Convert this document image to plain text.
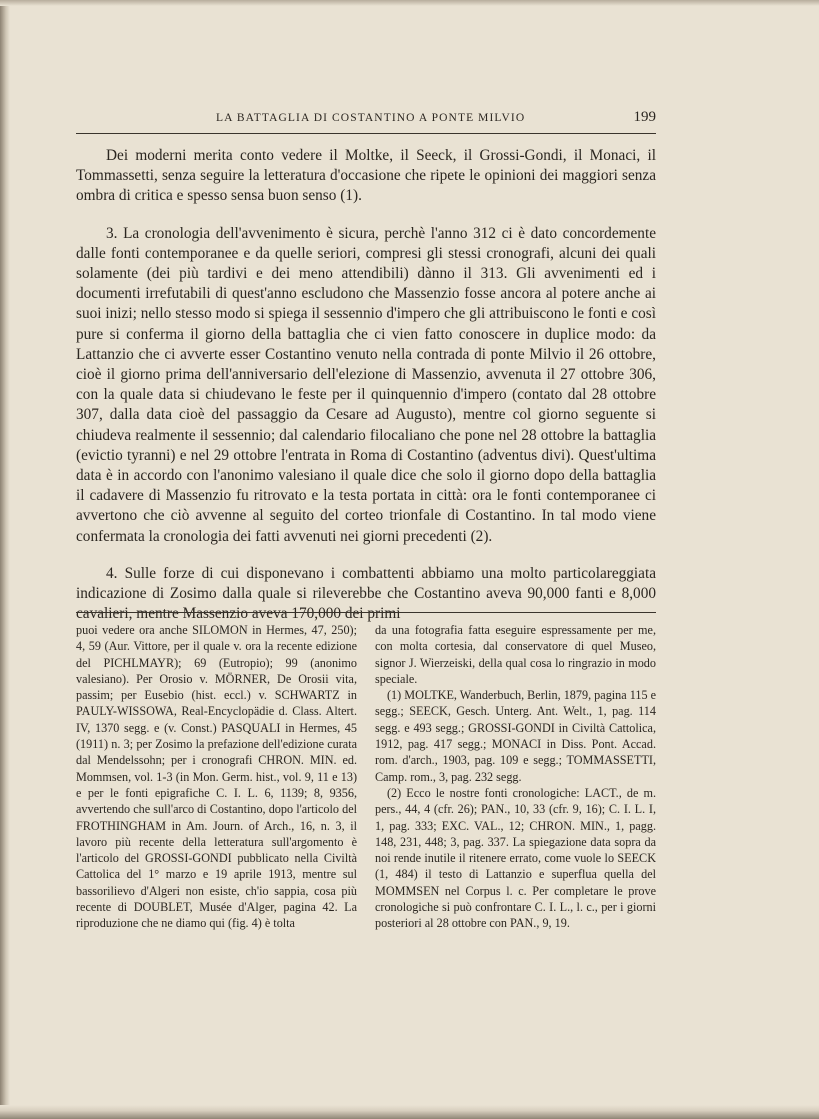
LA BATTAGLIA DI COSTANTINO A PONTE MILVIO	199

Dei moderni merita conto vedere il Moltke, il Seeck, il Grossi-Gondi, il Monaci, il Tommassetti, senza seguire la letteratura d'occasione che ripete le opinioni dei maggiori senza ombra di critica e spesso sensa buon senso (1).

3. La cronologia dell'avvenimento è sicura, perchè l'anno 312 ci è dato concordemente dalle fonti contemporanee e da quelle seriori, compresi gli stessi cronografi, alcuni dei quali solamente (dei più tardivi e dei meno attendibili) dànno il 313. Gli avvenimenti ed i documenti irrefutabili di quest'anno escludono che Massenzio fosse ancora al potere anche ai suoi inizi; nello stesso modo si spiega il sessennio d'impero che gli attribuiscono le fonti e così pure si conferma il giorno della battaglia che ci vien fatto conoscere in duplice modo: da Lattanzio che ci avverte esser Costantino venuto nella contrada di ponte Milvio il 26 ottobre, cioè il giorno prima dell'anniversario dell'elezione di Massenzio, avvenuta il 27 ottobre 306, con la quale data si chiudevano le feste per il quinquennio d'impero (contato dal 28 ottobre 307, dalla data cioè del passaggio da Cesare ad Augusto), mentre col giorno seguente si chiudeva realmente il sessennio; dal calendario filocaliano che pone nel 28 ottobre la battaglia (evictio tyranni) e nel 29 ottobre l'entrata in Roma di Costantino (adventus divi). Quest'ultima data è in accordo con l'anonimo valesiano il quale dice che solo il giorno dopo della battaglia il cadavere di Massenzio fu ritrovato e la testa portata in città: ora le fonti contemporanee ci avvertono che ciò avvenne al seguito del corteo trionfale di Costantino. In tal modo viene confermata la cronologia dei fatti avvenuti nei giorni precedenti (2).

4. Sulle forze di cui disponevano i combattenti abbiamo una molto particolareggiata indicazione di Zosimo dalla quale si rileverebbe che Costantino aveva 90,000 fanti e 8,000 cavalieri, mentre Massenzio aveva 170,000 dei primi

puoi vedere ora anche SILOMON in Hermes, 47, 250); 4, 59 (Aur. Vittore, per il quale v. ora la recente edizione del PICHLMAYR); 69 (Eutropio); 99 (anonimo valesiano). Per Orosio v. MÖRNER, De Orosii vita, passim; per Eusebio (hist. eccl.) v. SCHWARTZ in PAULY-WISSOWA, Real-Encyclopädie d. Class. Altert. IV, 1370 segg. e (v. Const.) PASQUALI in Hermes, 45 (1911) n. 3; per Zosimo la prefazione dell'edizione curata dal Mendelssohn; per i cronografi CHRON. MIN. ed. Mommsen, vol. 1-3 (in Mon. Germ. hist., vol. 9, 11 e 13) e per le fonti epigrafiche C. I. L. 6, 1139; 8, 9356, avvertendo che sull'arco di Costantino, dopo l'articolo del FROTHINGHAM in Am. Journ. of Arch., 16, n. 3, il lavoro più recente della letteratura sull'argomento è l'articolo del GROSSI-GONDI pubblicato nella Civiltà Cattolica del 1° marzo e 19 aprile 1913, mentre sul bassorilievo d'Algeri non esiste, ch'io sappia, cosa più recente di DOUBLET, Musée d'Alger, pagina 42. La riproduzione che ne diamo qui (fig. 4) è tolta

da una fotografia fatta eseguire espressamente per me, con molta cortesia, dal conservatore di quel Museo, signor J. Wierzeiski, della qual cosa lo ringrazio in modo speciale.

(1) MOLTKE, Wanderbuch, Berlin, 1879, pagina 115 e segg.; SEECK, Gesch. Unterg. Ant. Welt., 1, pag. 114 segg. e 493 segg.; GROSSI-GONDI in Civiltà Cattolica, 1912, pag. 417 segg.; MONACI in Diss. Pont. Accad. rom. d'arch., 1903, pag. 109 e segg.; TOMMASSETTI, Camp. rom., 3, pag. 232 segg.

(2) Ecco le nostre fonti cronologiche: LACT., de m. pers., 44, 4 (cfr. 26); PAN., 10, 33 (cfr. 9, 16); C. I. L. I, 1, pag. 333; EXC. VAL., 12; CHRON. MIN., 1, pagg. 148, 231, 448; 3, pag. 337. La spiegazione data sopra da noi rende inutile il ritenere errato, come vuole lo SEECK (1, 484) il testo di Lattanzio e superflua quella del MOMMSEN nel Corpus l. c. Per completare le prove cronologiche si può confrontare C. I. L., l. c., per i giorni posteriori al 28 ottobre con PAN., 9, 19.
